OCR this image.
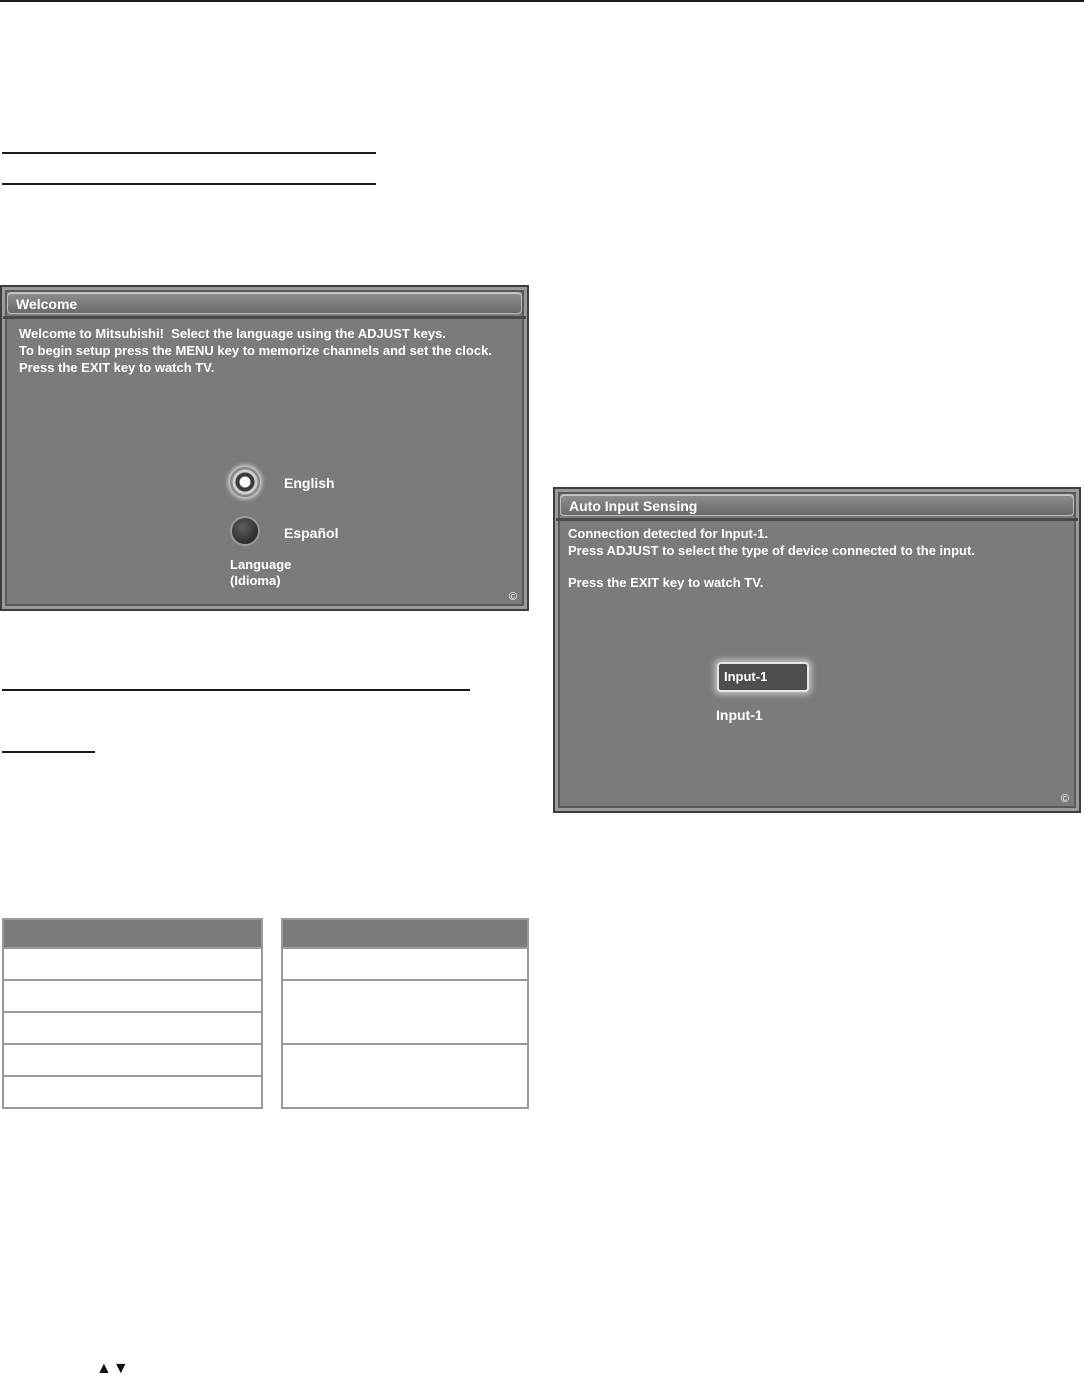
Welcome
Welcome to Mitsubishi!  Select the language using the ADJUST keys.
To begin setup press the MENU key to memorize channels and set the clock.
Press the EXIT key to watch TV.
English
Español
Language
(Idioma)
©
Auto Input Sensing
Connection detected for Input-1.
Press ADJUST to select the type of device connected to the input.
Press the EXIT key to watch TV.
Input-1
Input-1
©
▲▼
